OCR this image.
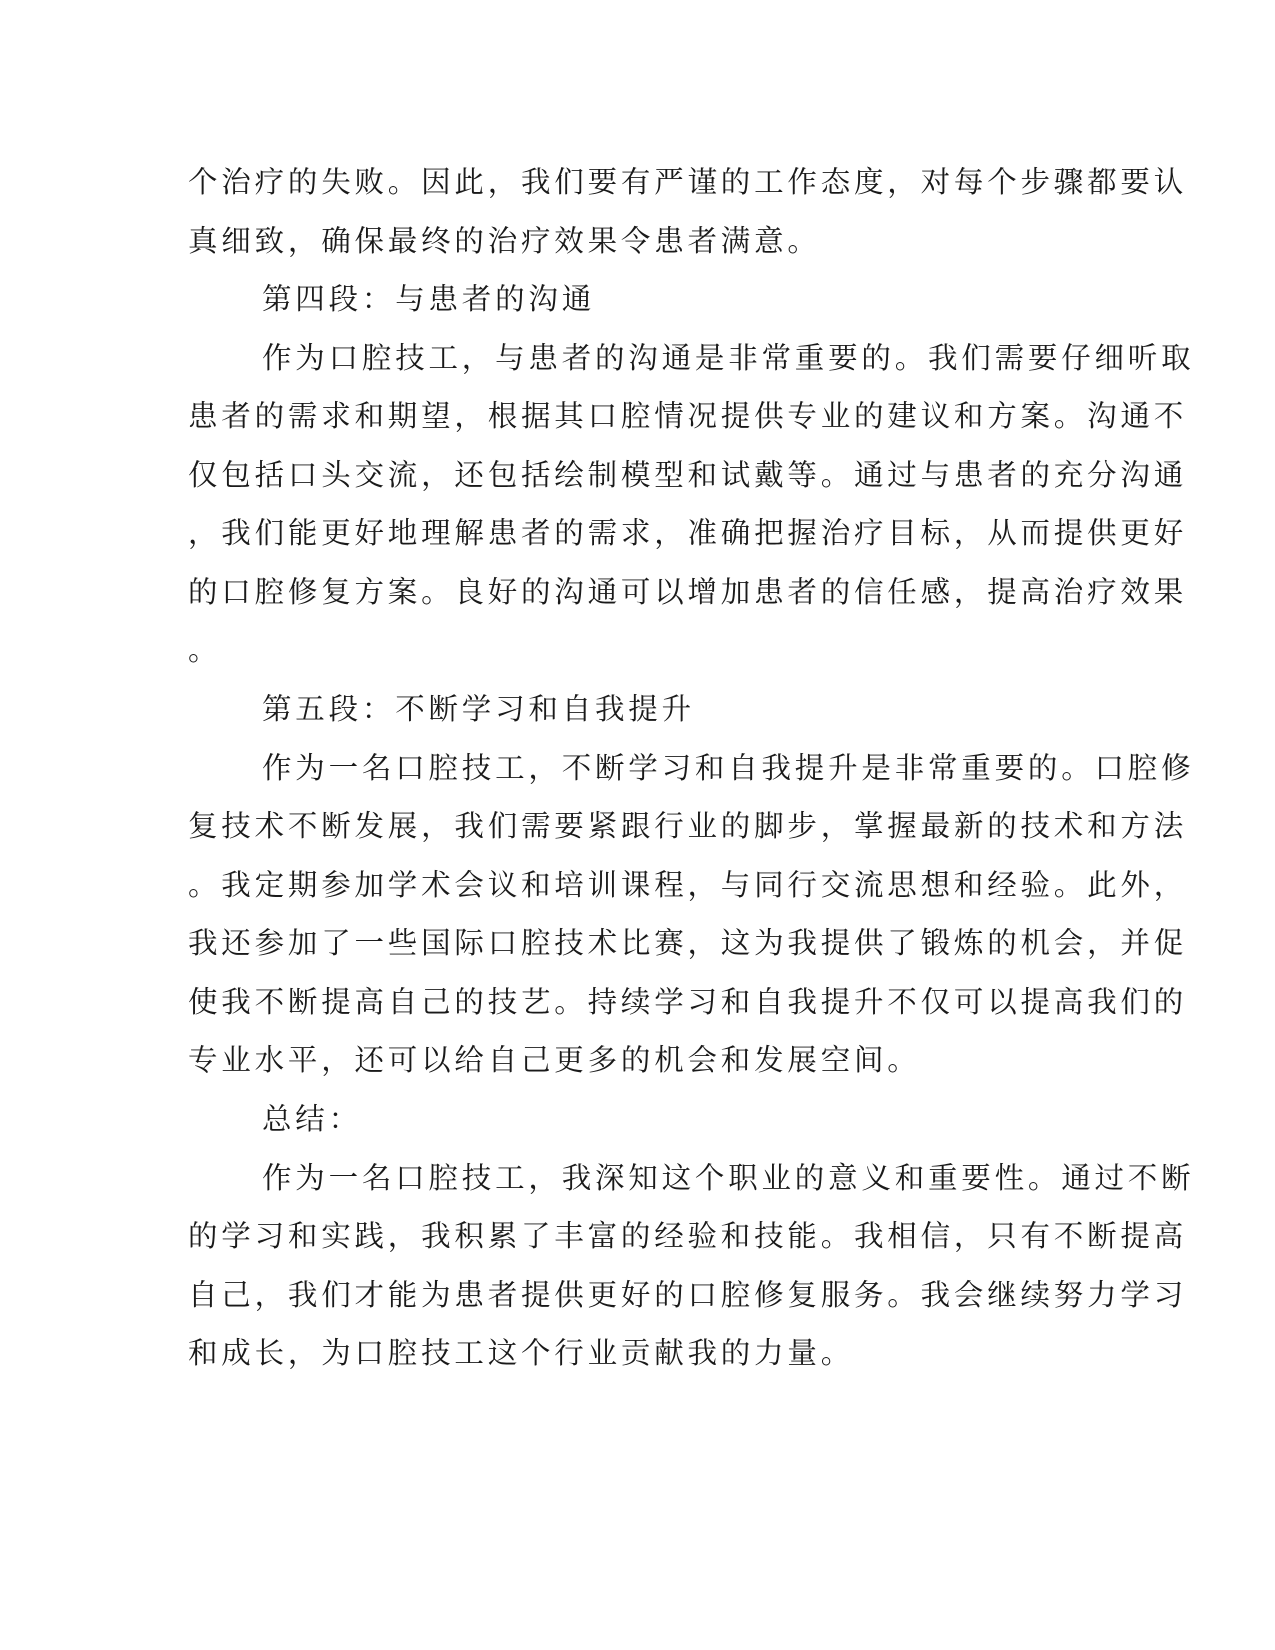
个治疗的失败。因此，我们要有严谨的工作态度，对每个步骤都要认

真细致，确保最终的治疗效果令患者满意。

第四段：与患者的沟通

作为口腔技工，与患者的沟通是非常重要的。我们需要仔细听取

患者的需求和期望，根据其口腔情况提供专业的建议和方案。沟通不

仅包括口头交流，还包括绘制模型和试戴等。通过与患者的充分沟通

，我们能更好地理解患者的需求，准确把握治疗目标，从而提供更好

的口腔修复方案。良好的沟通可以增加患者的信任感，提高治疗效果

。

第五段：不断学习和自我提升

作为一名口腔技工，不断学习和自我提升是非常重要的。口腔修

复技术不断发展，我们需要紧跟行业的脚步，掌握最新的技术和方法

。我定期参加学术会议和培训课程，与同行交流思想和经验。此外，

我还参加了一些国际口腔技术比赛，这为我提供了锻炼的机会，并促

使我不断提高自己的技艺。持续学习和自我提升不仅可以提高我们的

专业水平，还可以给自己更多的机会和发展空间。

总结：

作为一名口腔技工，我深知这个职业的意义和重要性。通过不断

的学习和实践，我积累了丰富的经验和技能。我相信，只有不断提高

自己，我们才能为患者提供更好的口腔修复服务。我会继续努力学习

和成长，为口腔技工这个行业贡献我的力量。
